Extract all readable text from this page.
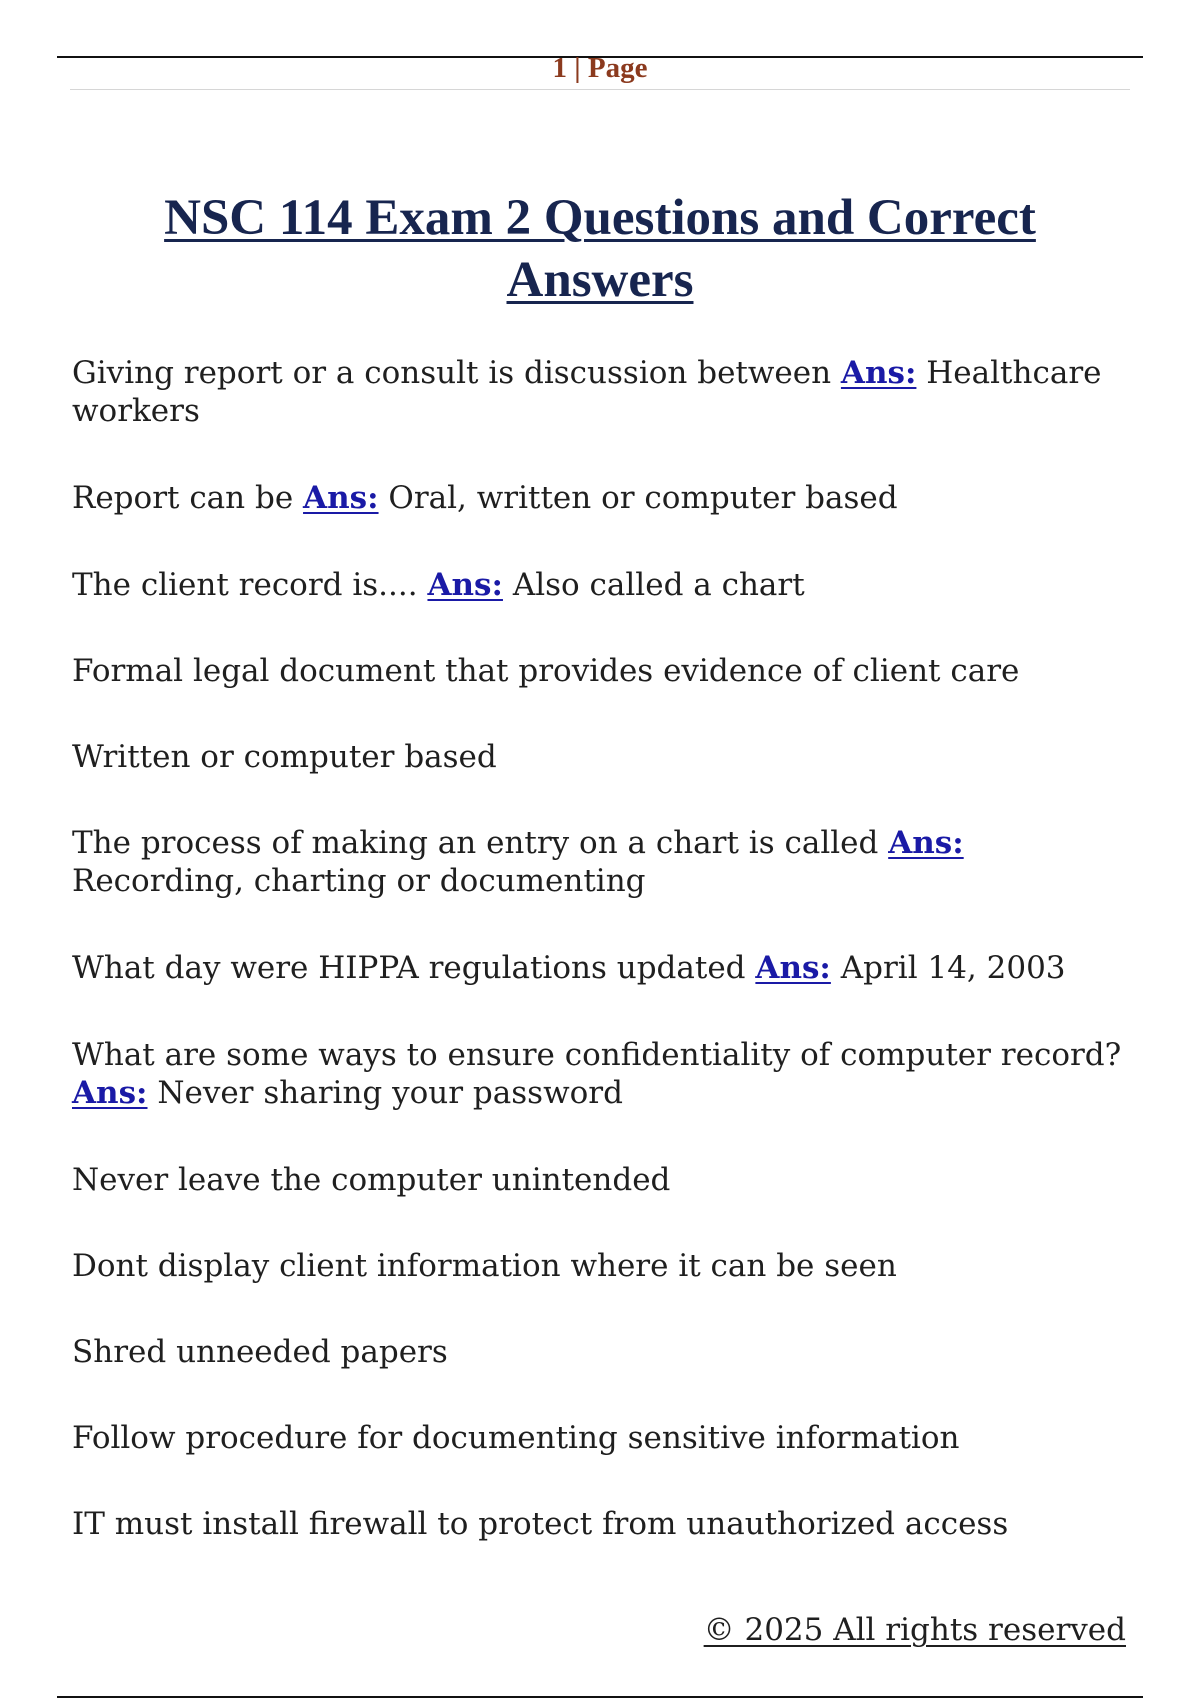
1 | Page
NSC 114 Exam 2 Questions and Correct Answers

Giving report or a consult is discussion between Ans: Healthcare workers

Report can be Ans: Oral, written or computer based

The client record is.... Ans: Also called a chart

Formal legal document that provides evidence of client care

Written or computer based

The process of making an entry on a chart is called Ans:
Recording, charting or documenting

What day were HIPPA regulations updated Ans: April 14, 2003

What are some ways to ensure confidentiality of computer record?
Ans: Never sharing your password

Never leave the computer unintended

Dont display client information where it can be seen

Shred unneeded papers

Follow procedure for documenting sensitive information

IT must install firewall to protect from unauthorized access

© 2025 All rights reserved
